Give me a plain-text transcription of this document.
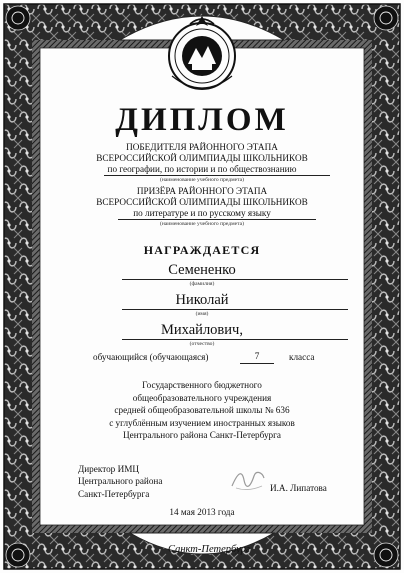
ДИПЛОМ
ПОБЕДИТЕЛЯ РАЙОННОГО ЭТАПА
ВСЕРОССИЙСКОЙ ОЛИМПИАДЫ ШКОЛЬНИКОВ
по географии, по истории и по обществознанию
(наименование учебного предмета)
ПРИЗЁРА РАЙОННОГО ЭТАПА
ВСЕРОССИЙСКОЙ ОЛИМПИАДЫ ШКОЛЬНИКОВ
по литературе и по русскому языку
(наименование учебного предмета)
НАГРАЖДАЕТСЯ
Семененко
(фамилия)
Николай
(имя)
Михайлович,
(отчество)
обучающийся (обучающаяся)	7	класса
Государственного бюджетного
общеобразовательного учреждения
средней общеобразовательной школы № 636
с углублённым изучением иностранных языков
Центрального района Санкт-Петербурга
Директор ИМЦ
Центрального района
Санкт-Петербурга
И.А. Липатова
14 мая 2013 года
Санкт-Петербург
